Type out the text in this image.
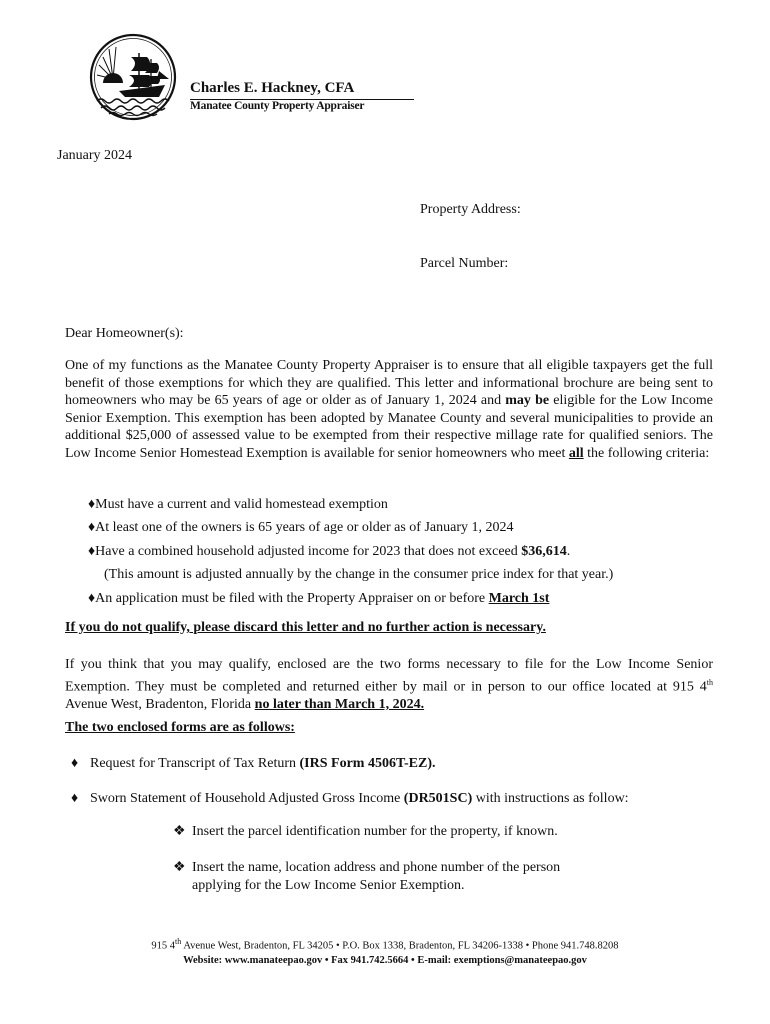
Charles E. Hackney, CFA
Manatee County Property Appraiser
January 2024
Property Address:
Parcel Number:
Dear Homeowner(s):
One of my functions as the Manatee County Property Appraiser is to ensure that all eligible taxpayers get the full benefit of those exemptions for which they are qualified. This letter and informational brochure are being sent to homeowners who may be 65 years of age or older as of January 1, 2024 and may be eligible for the Low Income Senior Exemption. This exemption has been adopted by Manatee County and several municipalities to provide an additional $25,000 of assessed value to be exempted from their respective millage rate for qualified seniors. The Low Income Senior Homestead Exemption is available for senior homeowners who meet all the following criteria:
♦Must have a current and valid homestead exemption
♦At least one of the owners is 65 years of age or older as of January 1, 2024
♦Have a combined household adjusted income for 2023 that does not exceed $36,614.
(This amount is adjusted annually by the change in the consumer price index for that year.)
♦An application must be filed with the Property Appraiser on or before March 1st
If you do not qualify, please discard this letter and no further action is necessary.
If you think that you may qualify, enclosed are the two forms necessary to file for the Low Income Senior Exemption. They must be completed and returned either by mail or in person to our office located at 915 4th Avenue West, Bradenton, Florida no later than March 1, 2024.
The two enclosed forms are as follows:
♦ Request for Transcript of Tax Return (IRS Form 4506T-EZ).
♦ Sworn Statement of Household Adjusted Gross Income (DR501SC) with instructions as follow:
❖ Insert the parcel identification number for the property, if known.
❖ Insert the name, location address and phone number of the person applying for the Low Income Senior Exemption.
915 4th Avenue West, Bradenton, FL 34205 • P.O. Box 1338, Bradenton, FL 34206-1338 • Phone 941.748.8208
Website: www.manateepao.gov • Fax 941.742.5664 • E-mail: exemptions@manateepao.gov
